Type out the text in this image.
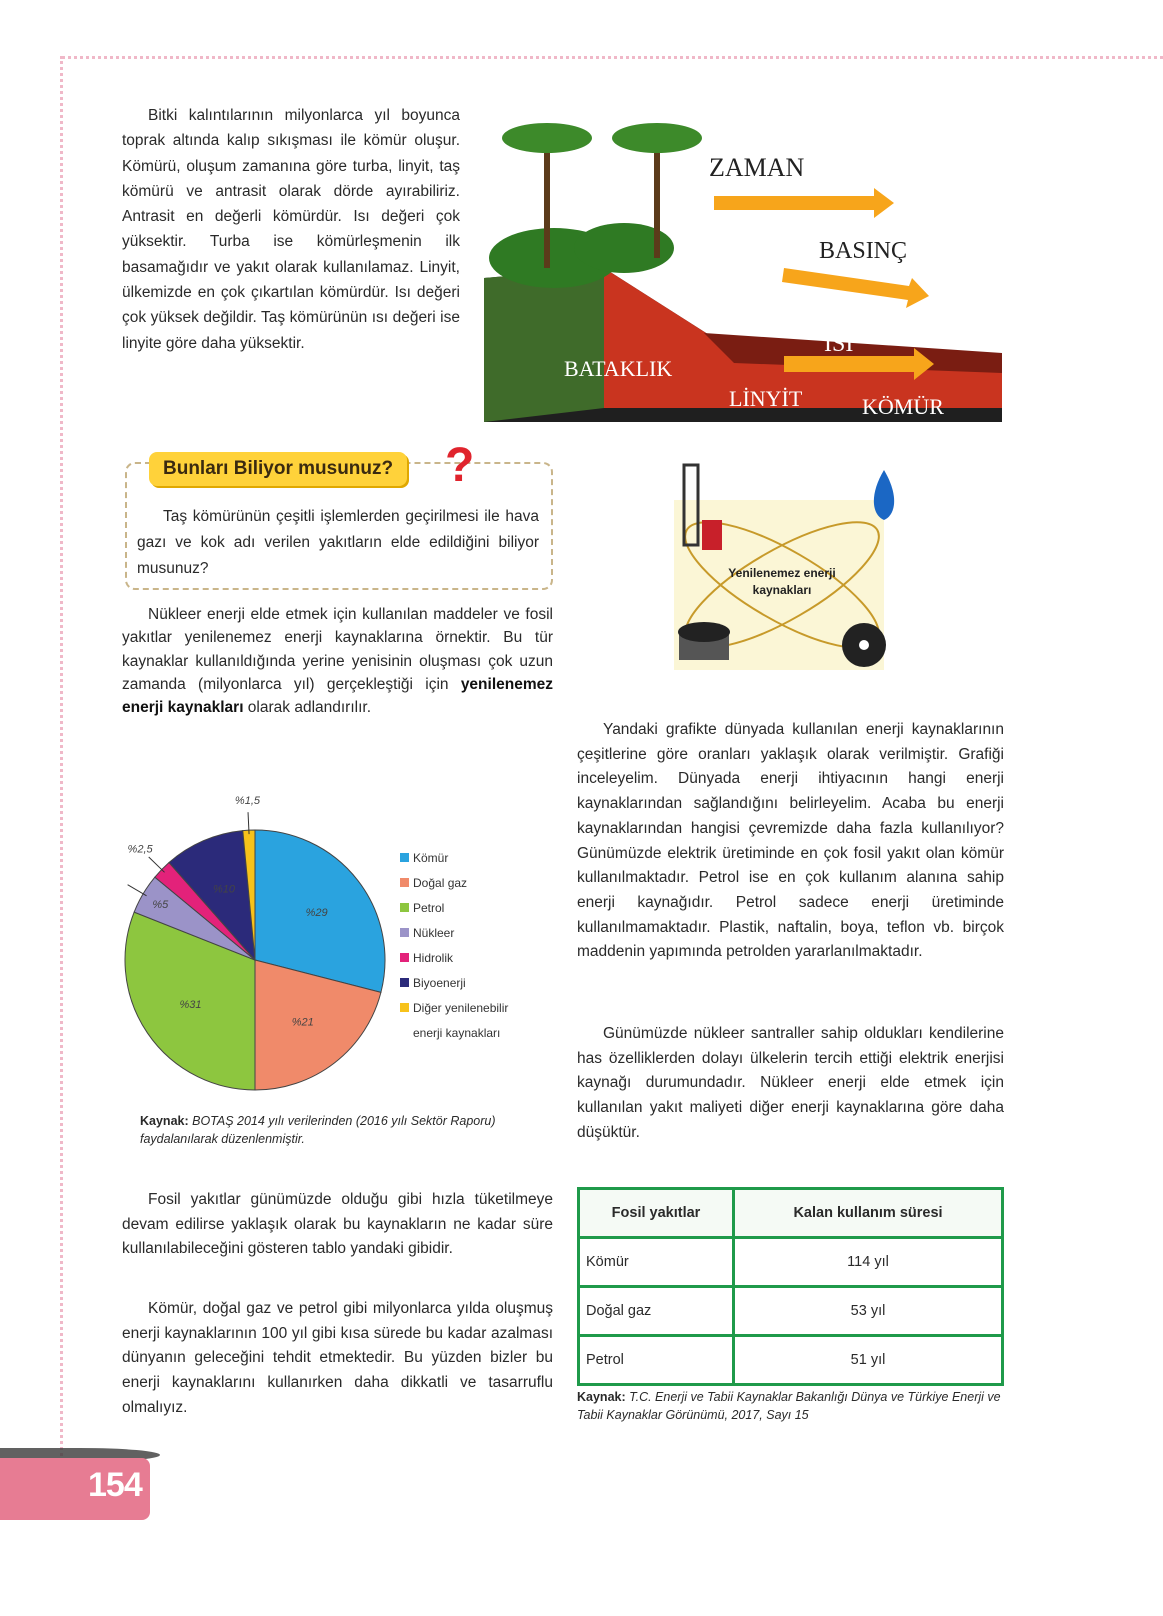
Bitki kalıntılarının milyonlarca yıl boyunca toprak altında kalıp sıkışması ile kömür oluşur. Kömürü, oluşum zamanına göre turba, linyit, taş kömürü ve antrasit olarak dörde ayırabiliriz. Antrasit en değerli kömürdür. Isı değeri çok yüksektir. Turba ise kömürleşmenin ilk basamağıdır ve yakıt olarak kullanılamaz. Linyit, ülkemizde en çok çıkartılan kömürdür. Isı değeri çok yüksek değildir. Taş kömürünün ısı değeri ise linyite göre daha yüksektir.

ZAMAN
BASINÇ
ISI
BATAKLIK
LİNYİT	KÖMÜR
Bunları Biliyor musunuz? ?

Taş kömürünün çeşitli işlemlerden geçirilmesi ile hava gazı ve kok adı verilen yakıtların elde edildiğini biliyor musunuz?	Yenilenemez enerji
kaynakları

Nükleer enerji elde etmek için kullanılan maddeler ve fosil yakıtlar yenilenemez enerji kaynaklarına örnektir. Bu tür kaynaklar kullanıldığında yerine yenisinin oluşması çok uzun zamanda (milyonlarca yıl) gerçekleştiği için yenilenemez enerji kaynakları olarak adlandırılır.

%29
%21
%31
%5
%2,5
%10
%1,5
Kömür
Doğal gaz
Petrol
Nükleer
Hidrolik
Biyoenerji
Diğer yenilenebilir
enerji kaynakları

Kaynak: BOTAŞ 2014 yılı verilerinden (2016 yılı Sektör Raporu) faydalanılarak düzenlenmiştir.

Yandaki grafikte dünyada kullanılan enerji kaynaklarının çeşitlerine göre oranları yaklaşık olarak verilmiştir. Grafiği inceleyelim. Dünyada enerji ihtiyacının hangi enerji kaynaklarından sağlandığını belirleyelim. Acaba bu enerji kaynaklarından hangisi çevremizde daha fazla kullanılıyor? Günümüzde elektrik üretiminde en çok fosil yakıt olan kömür kullanılmaktadır. Petrol ise en çok kullanım alanına sahip enerji kaynağıdır. Petrol sadece enerji üretiminde kullanılmamaktadır. Plastik, naftalin, boya, teflon vb. birçok maddenin yapımında petrolden yararlanılmaktadır.

Günümüzde nükleer santraller sahip oldukları kendilerine has özelliklerden dolayı ülkelerin tercih ettiği elektrik enerjisi kaynağı durumundadır. Nükleer enerji elde etmek için kullanılan yakıt maliyeti diğer enerji kaynaklarına göre daha düşüktür.

Fosil yakıtlar günümüzde olduğu gibi hızla tüketilmeye devam edilirse yaklaşık olarak bu kaynakların ne kadar süre kullanılabileceğini gösteren tablo yandaki gibidir.

Kömür, doğal gaz ve petrol gibi milyonlarca yılda oluşmuş enerji kaynaklarının 100 yıl gibi kısa sürede bu kadar azalması dünyanın geleceğini tehdit etmektedir. Bu yüzden bizler bu enerji kaynaklarını kullanırken daha dikkatli ve tasarruflu olmalıyız.

Fosil yakıtlar	Kalan kullanım süresi
Kömür	114 yıl
Doğal gaz	53 yıl
Petrol	51 yıl

Kaynak: T.C. Enerji ve Tabii Kaynaklar Bakanlığı Dünya ve Türkiye Enerji ve Tabii Kaynaklar Görünümü, 2017, Sayı 15

154
